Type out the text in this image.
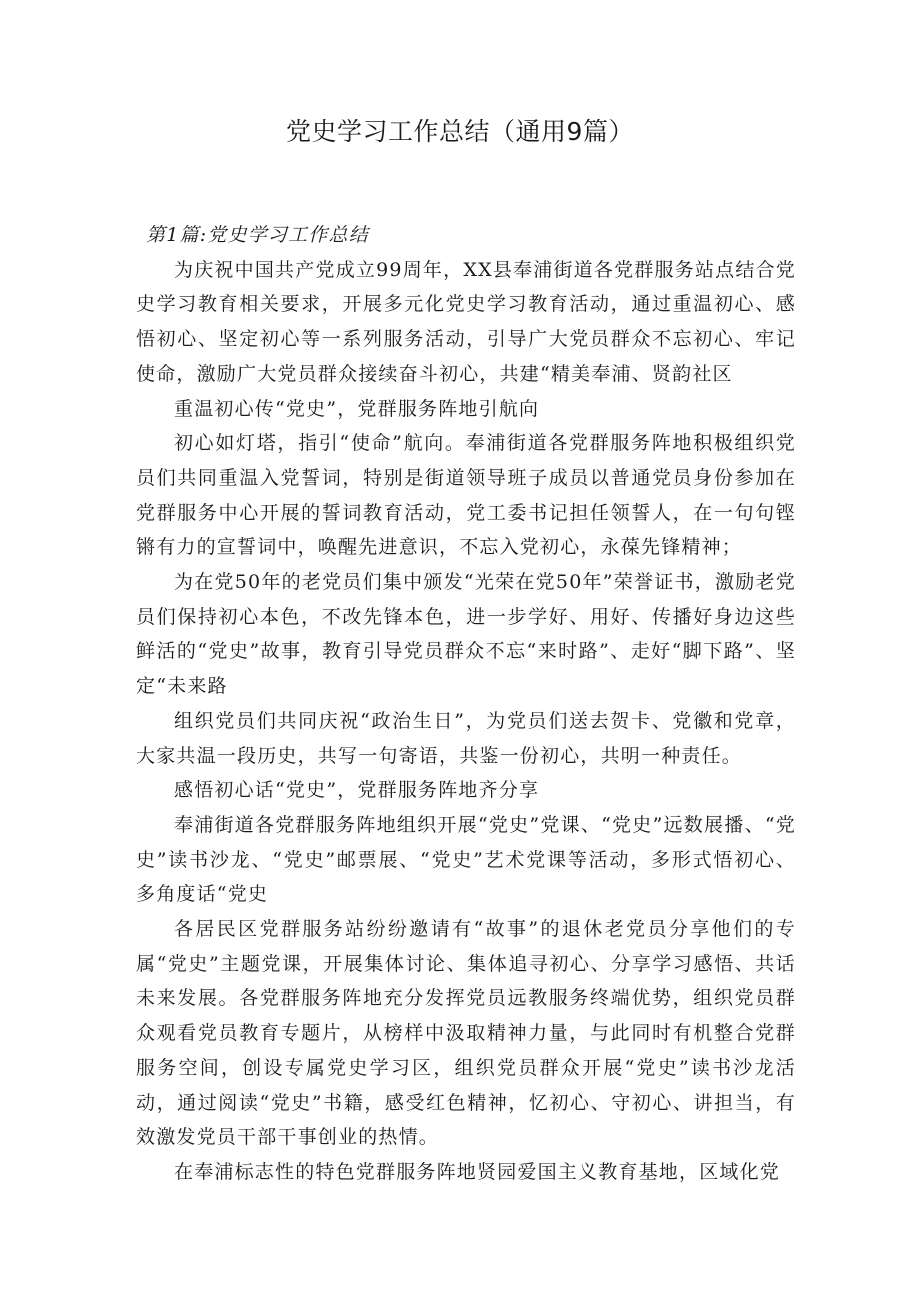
党史学习工作总结（通用9篇）

第1篇:党史学习工作总结

为庆祝中国共产党成立99周年，XX县奉浦街道各党群服务站点结合党史学习教育相关要求，开展多元化党史学习教育活动，通过重温初心、感悟初心、坚定初心等一系列服务活动，引导广大党员群众不忘初心、牢记使命，激励广大党员群众接续奋斗初心，共建“精美奉浦、贤韵社区

重温初心传“党史”，党群服务阵地引航向

初心如灯塔，指引“使命”航向。奉浦街道各党群服务阵地积极组织党员们共同重温入党誓词，特别是街道领导班子成员以普通党员身份参加在党群服务中心开展的誓词教育活动，党工委书记担任领誓人，在一句句铿锵有力的宣誓词中，唤醒先进意识，不忘入党初心，永葆先锋精神；

为在党50年的老党员们集中颁发“光荣在党50年”荣誉证书，激励老党员们保持初心本色，不改先锋本色，进一步学好、用好、传播好身边这些鲜活的“党史”故事，教育引导党员群众不忘“来时路”、走好“脚下路”、坚定“未来路

组织党员们共同庆祝“政治生日”，为党员们送去贺卡、党徽和党章，大家共温一段历史，共写一句寄语，共鉴一份初心，共明一种责任。

感悟初心话“党史”，党群服务阵地齐分享

奉浦街道各党群服务阵地组织开展“党史”党课、“党史”远数展播、“党史”读书沙龙、“党史”邮票展、“党史”艺术党课等活动，多形式悟初心、多角度话“党史

各居民区党群服务站纷纷邀请有“故事”的退休老党员分享他们的专属“党史”主题党课，开展集体讨论、集体追寻初心、分享学习感悟、共话未来发展。各党群服务阵地充分发挥党员远教服务终端优势，组织党员群众观看党员教育专题片，从榜样中汲取精神力量，与此同时有机整合党群服务空间，创设专属党史学习区，组织党员群众开展“党史”读书沙龙活动，通过阅读“党史”书籍，感受红色精神，忆初心、守初心、讲担当，有效激发党员干部干事创业的热情。

在奉浦标志性的特色党群服务阵地贤园爱国主义教育基地，区域化党
